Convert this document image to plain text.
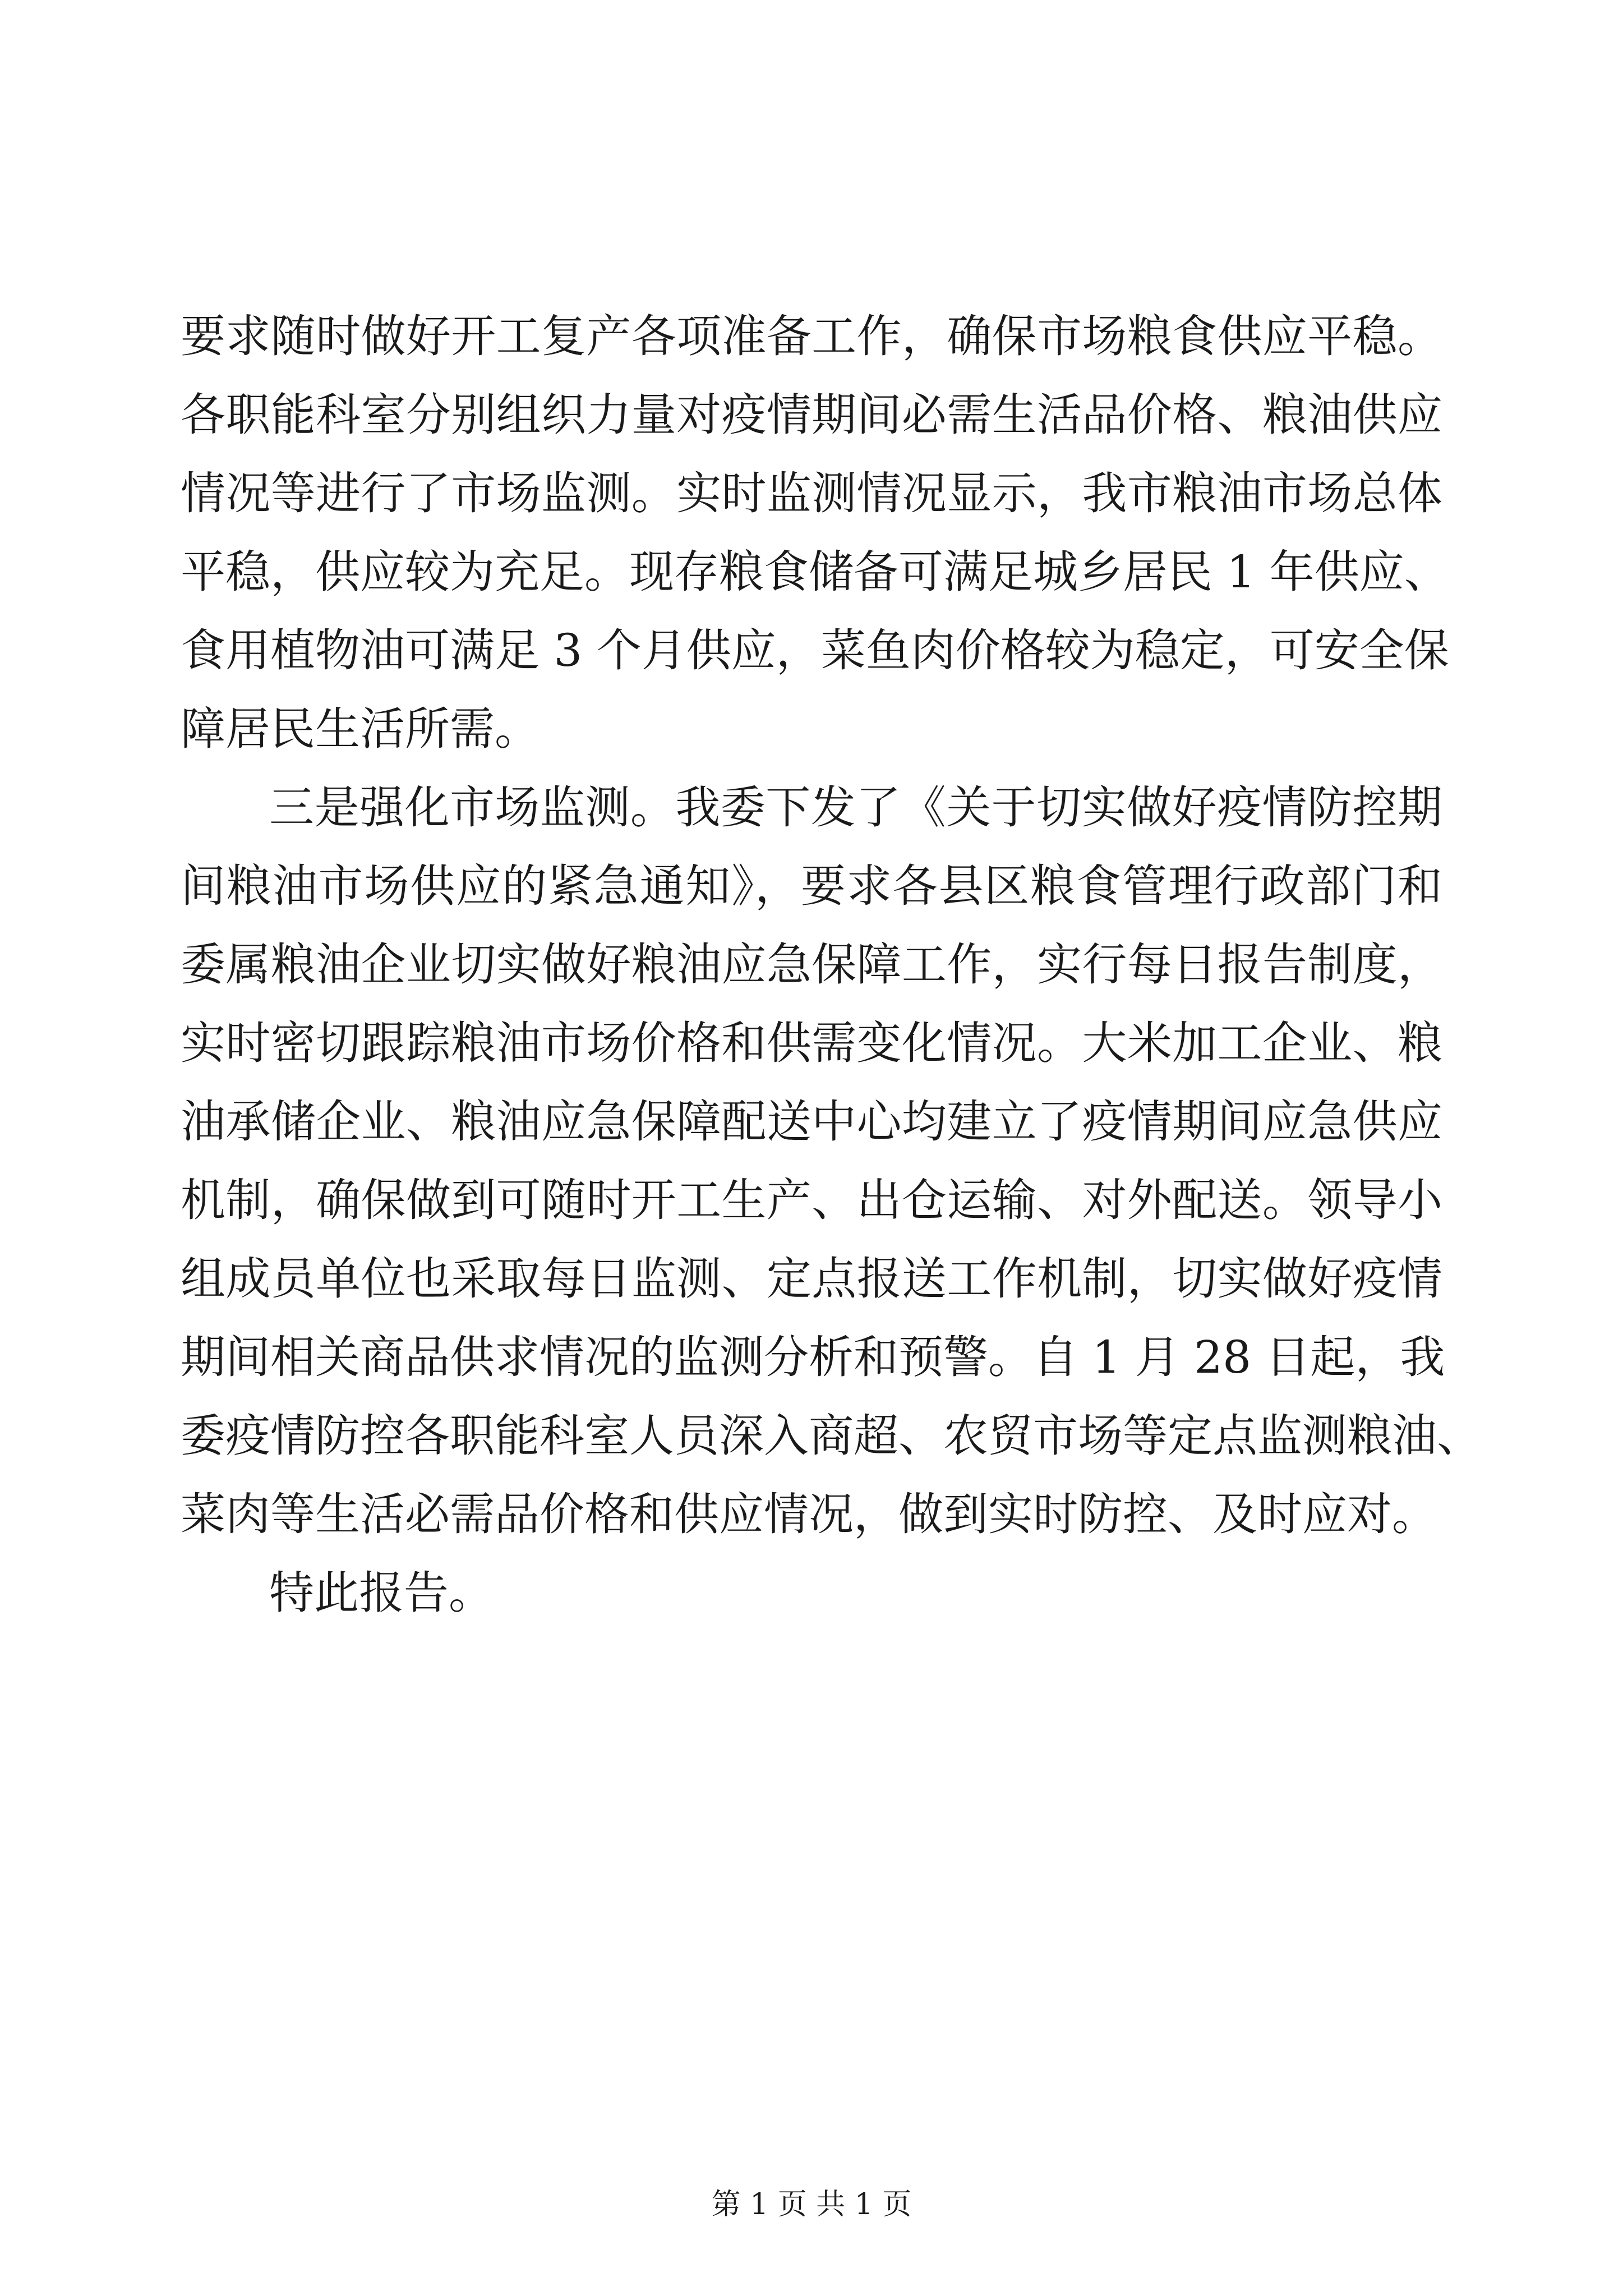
要求随时做好开工复产各项准备工作，确保市场粮食供应平稳。
各职能科室分别组织力量对疫情期间必需生活品价格、粮油供应
情况等进行了市场监测。实时监测情况显示，我市粮油市场总体
平稳，供应较为充足。现存粮食储备可满足城乡居民 1 年供应、
食用植物油可满足 3 个月供应，菜鱼肉价格较为稳定，可安全保
障居民生活所需。
三是强化市场监测。我委下发了《关于切实做好疫情防控期
间粮油市场供应的紧急通知》，要求各县区粮食管理行政部门和
委属粮油企业切实做好粮油应急保障工作，实行每日报告制度，
实时密切跟踪粮油市场价格和供需变化情况。大米加工企业、粮
油承储企业、粮油应急保障配送中心均建立了疫情期间应急供应
机制，确保做到可随时开工生产、出仓运输、对外配送。领导小
组成员单位也采取每日监测、定点报送工作机制，切实做好疫情
期间相关商品供求情况的监测分析和预警。自 1 月 28 日起，我
委疫情防控各职能科室人员深入商超、农贸市场等定点监测粮油、
菜肉等生活必需品价格和供应情况，做到实时防控、及时应对。
特此报告。
第 1 页 共 1 页
